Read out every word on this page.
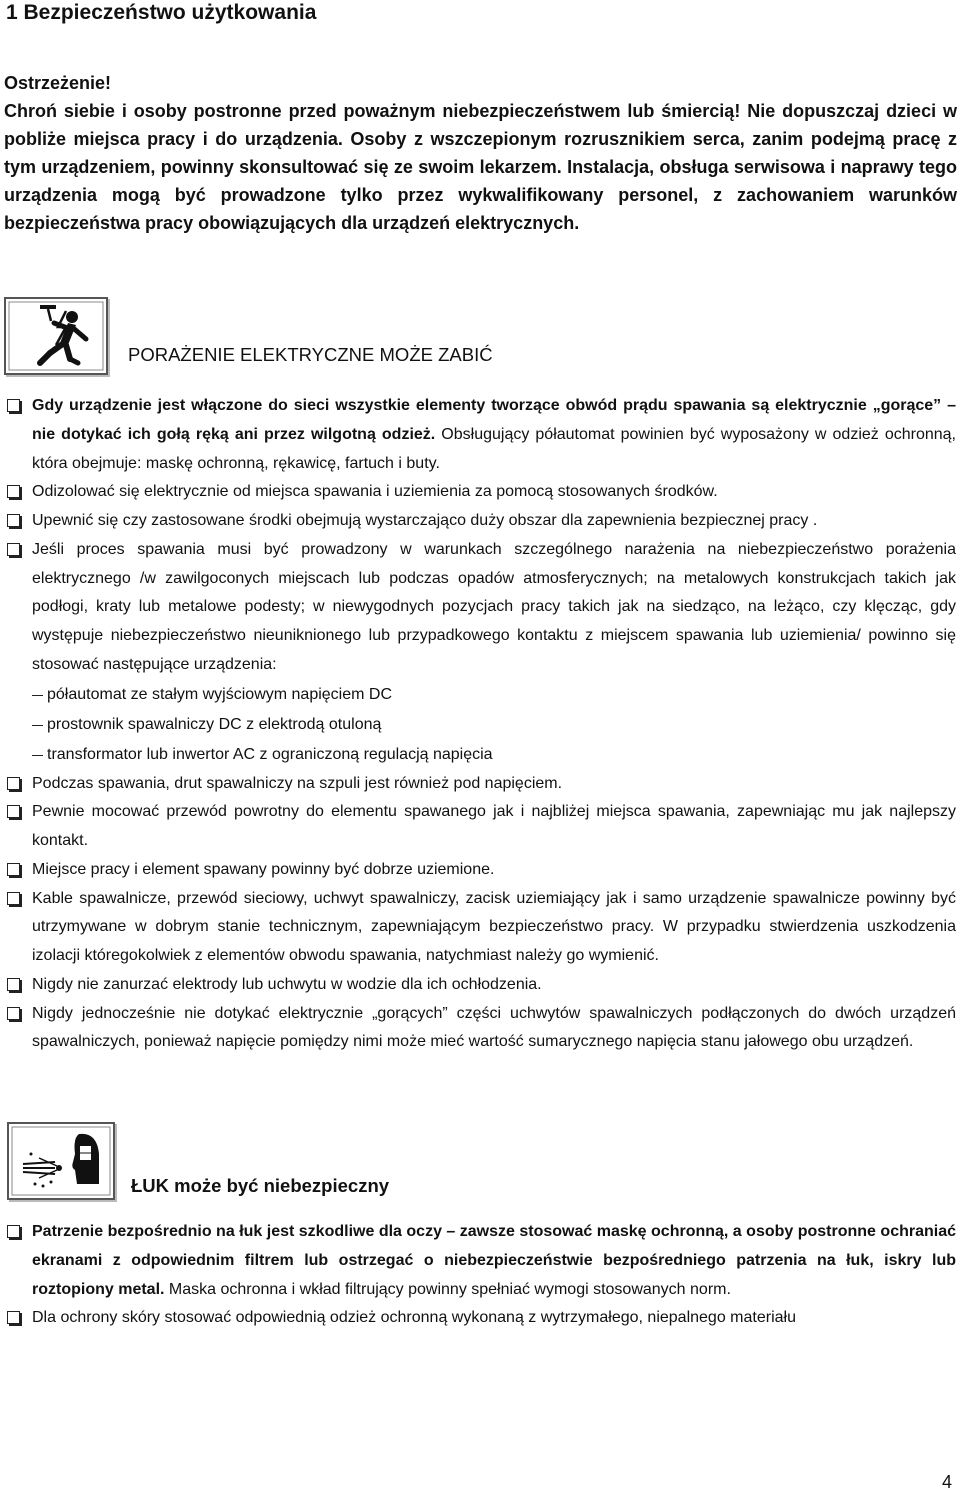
1 Bezpieczeństwo użytkowania

Ostrzeżenie!

Chroń siebie i osoby postronne przed poważnym niebezpieczeństwem lub śmiercią! Nie dopuszczaj dzieci w pobliże miejsca pracy i do urządzenia. Osoby z wszczepionym rozrusznikiem serca, zanim podejmą pracę z tym urządzeniem, powinny skonsultować się ze swoim lekarzem. Instalacja, obsługa serwisowa i naprawy tego urządzenia mogą być prowadzone tylko przez wykwalifikowany personel, z zachowaniem warunków bezpieczeństwa pracy obowiązujących dla urządzeń elektrycznych.

PORAŻENIE ELEKTRYCZNE MOŻE ZABIĆ
Gdy urządzenie jest włączone do sieci wszystkie elementy tworzące obwód prądu spawania są elektrycznie „gorące” – nie dotykać ich gołą ręką ani przez wilgotną odzież. Obsługujący półautomat powinien być wyposażony w odzież ochronną, która obejmuje: maskę ochronną, rękawicę, fartuch i buty.
Odizolować się elektrycznie od miejsca spawania i uziemienia za pomocą stosowanych środków.
Upewnić się czy zastosowane środki obejmują wystarczająco duży obszar dla zapewnienia bezpiecznej pracy .
Jeśli proces spawania musi być prowadzony w warunkach szczególnego narażenia na niebezpieczeństwo porażenia elektrycznego /w zawilgoconych miejscach lub podczas opadów atmosferycznych; na metalowych konstrukcjach takich jak podłogi, kraty lub metalowe podesty; w niewygodnych pozycjach pracy takich jak na siedząco, na leżąco, czy klęcząc, gdy występuje niebezpieczeństwo nieuniknionego lub przypadkowego kontaktu z miejscem spawania lub uziemienia/ powinno się stosować następujące urządzenia:
półautomat ze stałym wyjściowym napięciem DC
prostownik spawalniczy DC z elektrodą otuloną
transformator lub inwertor AC z ograniczoną regulacją napięcia
Podczas spawania, drut spawalniczy na szpuli jest również pod napięciem.
Pewnie mocować przewód powrotny do elementu spawanego jak i najbliżej miejsca spawania, zapewniając mu jak najlepszy kontakt.
Miejsce pracy i element spawany powinny być dobrze uziemione.
Kable spawalnicze, przewód sieciowy, uchwyt spawalniczy, zacisk uziemiający jak i samo urządzenie spawalnicze powinny być utrzymywane w dobrym stanie technicznym, zapewniającym bezpieczeństwo pracy. W przypadku stwierdzenia uszkodzenia izolacji któregokolwiek z elementów obwodu spawania, natychmiast należy go wymienić.
Nigdy nie zanurzać elektrody lub uchwytu w wodzie dla ich ochłodzenia.
Nigdy jednocześnie nie dotykać elektrycznie „gorących” części uchwytów spawalniczych podłączonych do dwóch urządzeń spawalniczych, ponieważ napięcie pomiędzy nimi może mieć wartość sumarycznego napięcia stanu jałowego obu urządzeń.
ŁUK może być niebezpieczny
Patrzenie bezpośrednio na łuk jest szkodliwe dla oczy – zawsze stosować maskę ochronną, a osoby postronne ochraniać ekranami z odpowiednim filtrem lub ostrzegać o niebezpieczeństwie bezpośredniego patrzenia na łuk, iskry lub roztopiony metal. Maska ochronna i wkład filtrujący powinny spełniać wymogi stosowanych norm.
Dla ochrony skóry stosować odpowiednią odzież ochronną wykonaną z wytrzymałego, niepalnego materiału
4
